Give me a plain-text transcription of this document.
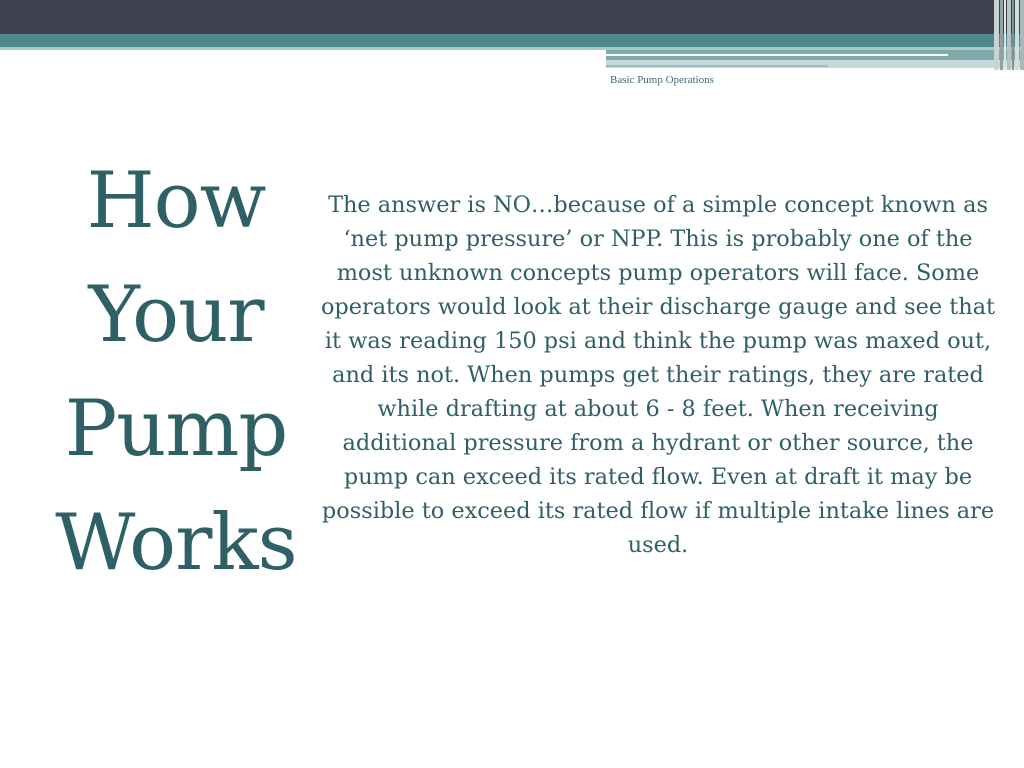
Basic Pump Operations
How
Your
Pump
Works
The answer is NO…because of a simple concept known as ‘net pump pressure’ or NPP. This is probably one of the most unknown concepts pump operators will face. Some operators would look at their discharge gauge and see that it was reading 150 psi and think the pump was maxed out, and its not. When pumps get their ratings, they are rated while drafting at about 6 - 8 feet. When receiving additional pressure from a hydrant or other source, the pump can exceed its rated flow. Even at draft it may be possible to exceed its rated flow if multiple intake lines are used.
